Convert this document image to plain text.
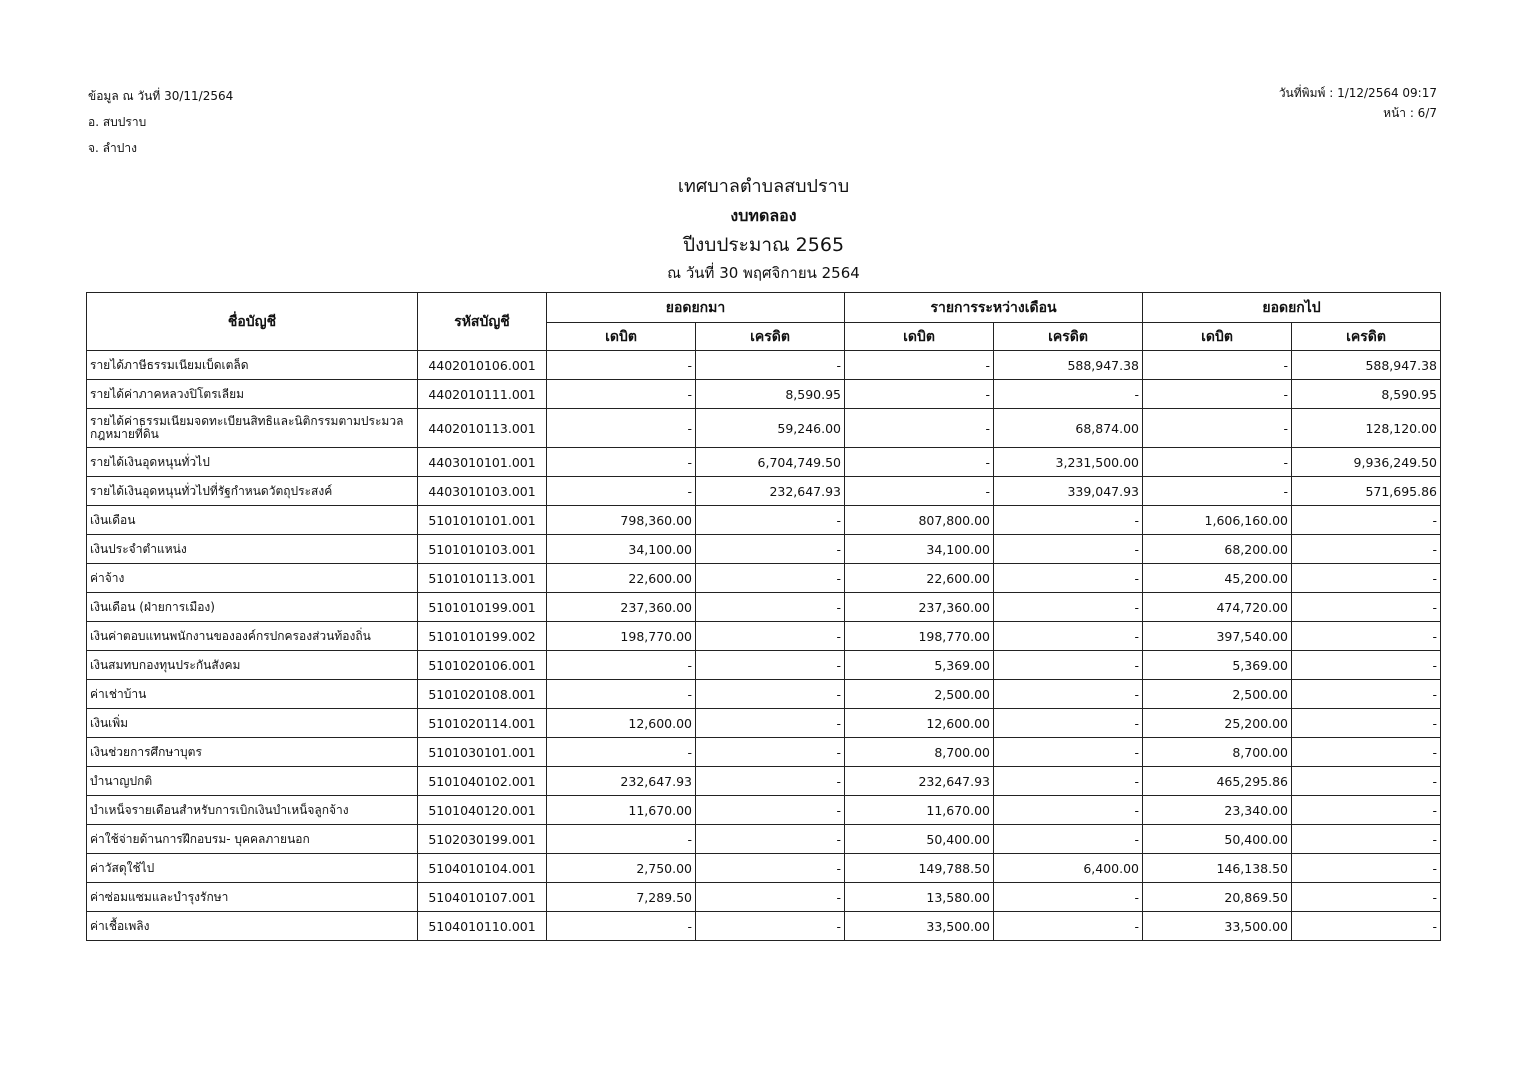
ข้อมูล ณ วันที่ 30/11/2564
อ. สบปราบ
จ. ลำปาง
วันที่พิมพ์ : 1/12/2564 09:17
หน้า : 6/7
เทศบาลตำบลสบปราบ
งบทดลอง
ปีงบประมาณ 2565
ณ วันที่ 30 พฤศจิกายน 2564
ชื่อบัญชี	รหัสบัญชี	ยอดยกมา		รายการระหว่างเดือน		ยอดยกไป	
		เดบิต	เครดิต	เดบิต	เครดิต	เดบิต	เครดิต
รายได้ภาษีธรรมเนียมเบ็ดเตล็ด	4402010106.001	-	-	-	588,947.38	-	588,947.38
รายได้ค่าภาคหลวงปิโตรเลียม	4402010111.001	-	8,590.95	-	-	-	8,590.95
รายได้ค่าธรรมเนียมจดทะเบียนสิทธิและนิติกรรมตามประมวลกฎหมายที่ดิน	4402010113.001	-	59,246.00	-	68,874.00	-	128,120.00
รายได้เงินอุดหนุนทั่วไป	4403010101.001	-	6,704,749.50	-	3,231,500.00	-	9,936,249.50
รายได้เงินอุดหนุนทั่วไปที่รัฐกำหนดวัตถุประสงค์	4403010103.001	-	232,647.93	-	339,047.93	-	571,695.86
เงินเดือน	5101010101.001	798,360.00	-	807,800.00	-	1,606,160.00	-
เงินประจำตำแหน่ง	5101010103.001	34,100.00	-	34,100.00	-	68,200.00	-
ค่าจ้าง	5101010113.001	22,600.00	-	22,600.00	-	45,200.00	-
เงินเดือน (ฝ่ายการเมือง)	5101010199.001	237,360.00	-	237,360.00	-	474,720.00	-
เงินค่าตอบแทนพนักงานขององค์กรปกครองส่วนท้องถิ่น	5101010199.002	198,770.00	-	198,770.00	-	397,540.00	-
เงินสมทบกองทุนประกันสังคม	5101020106.001	-	-	5,369.00	-	5,369.00	-
ค่าเช่าบ้าน	5101020108.001	-	-	2,500.00	-	2,500.00	-
เงินเพิ่ม	5101020114.001	12,600.00	-	12,600.00	-	25,200.00	-
เงินช่วยการศึกษาบุตร	5101030101.001	-	-	8,700.00	-	8,700.00	-
บำนาญปกติ	5101040102.001	232,647.93	-	232,647.93	-	465,295.86	-
บำเหน็จรายเดือนสำหรับการเบิกเงินบำเหน็จลูกจ้าง	5101040120.001	11,670.00	-	11,670.00	-	23,340.00	-
ค่าใช้จ่ายด้านการฝึกอบรม- บุคคลภายนอก	5102030199.001	-	-	50,400.00	-	50,400.00	-
ค่าวัสดุใช้ไป	5104010104.001	2,750.00	-	149,788.50	6,400.00	146,138.50	-
ค่าซ่อมแซมและบำรุงรักษา	5104010107.001	7,289.50	-	13,580.00	-	20,869.50	-
ค่าเชื้อเพลิง	5104010110.001	-	-	33,500.00	-	33,500.00	-
